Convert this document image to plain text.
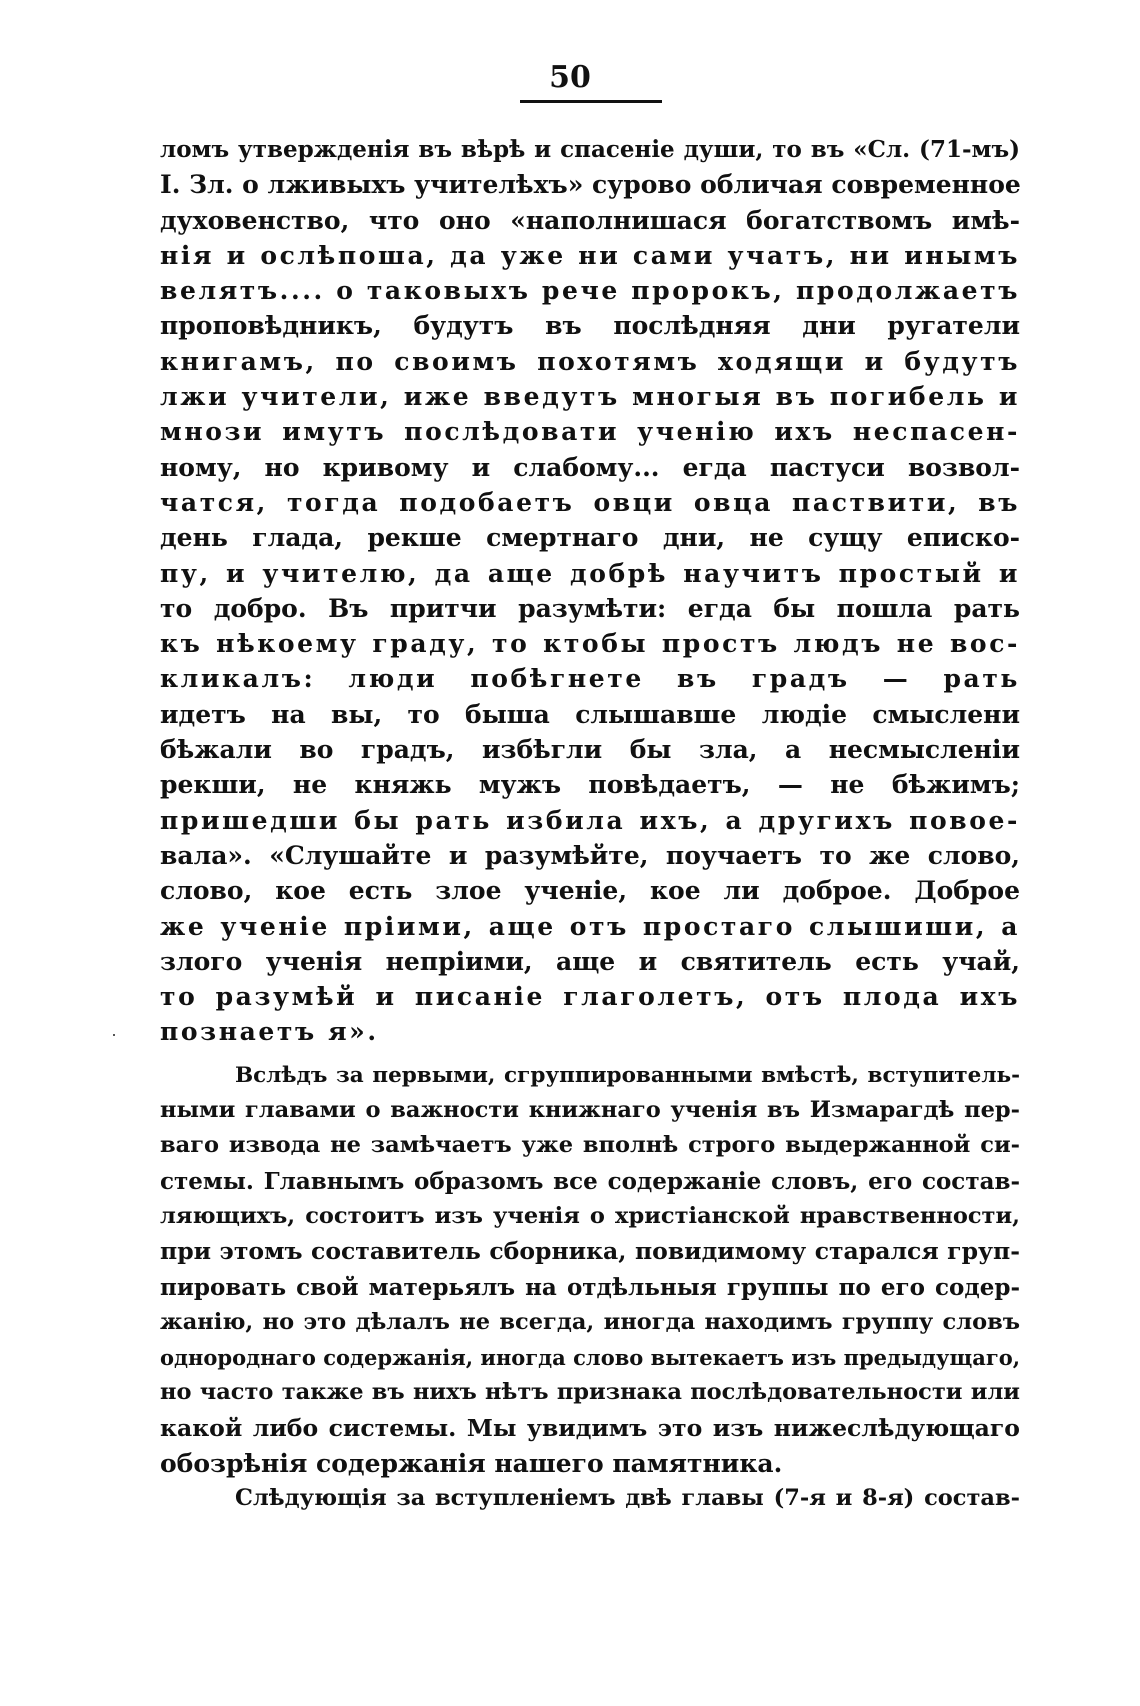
50
ломъ утвержденія въ вѣрѣ и спасеніе души, то въ «Сл. (71-мъ)
І. Зл. о лживыхъ учителѣхъ» сурово обличая современное
духовенство, что оно «наполнишася богатствомъ имѣ-
нія и ослѣпоша, да уже ни сами учатъ, ни инымъ
велятъ.... о таковыхъ рече пророкъ, продолжаетъ
проповѣдникъ, будутъ въ послѣдняя дни ругатели
книгамъ, по своимъ похотямъ ходящи и будутъ
лжи учители, иже введутъ многыя въ погибель и
мнози имутъ послѣдовати ученію ихъ неспасен-
ному, но кривому и слабому... егда пастуси возвол-
чатся, тогда подобаетъ овци овца паствити, въ
день глада, рекше смертнаго дни, не сущу епиcко-
пу, и учителю, да аще добрѣ научитъ простый и
то добро. Въ притчи разумѣти: егда бы пошла рать
къ нѣкоему граду, то ктобы простъ людъ не вос-
кликалъ: люди побѣгнете въ градъ — рать
идетъ на вы, то быша слышавше людіе смыслени
бѣжали во градъ, избѣгли бы зла, а несмысленіи
рекши, не княжь мужъ повѣдаетъ, — не бѣжимъ;
пришедши бы рать избила ихъ, а другихъ повое-
вала». «Слушайте и разумѣйте, поучаетъ то же слово,
слово, кое есть злое ученіе, кое ли доброе. Доброе
же ученіе пріими, аще отъ простаго слышиши, а
злого ученія непріими, аще и святитель есть учай,
то разумѣй и писаніе глаголетъ, отъ плода ихъ
познаетъ я».
Вслѣдъ за первыми, сгруппированными вмѣстѣ, вступитель-
ными главами о важности книжнаго ученія въ Измарагдѣ пер-
ваго извода не замѣчаетъ уже вполнѣ строго выдержанной си-
стемы. Главнымъ образомъ все содержаніе словъ, его состав-
ляющихъ, состоитъ изъ ученія о христіанской нравственности,
при этомъ составитель сборника, повидимому старался груп-
пировать свой матерьялъ на отдѣльныя группы по его содер-
жанію, но это дѣлалъ не всегда, иногда находимъ группу словъ
однороднаго содержанія, иногда слово вытекаетъ изъ предыдущаго,
но часто также въ нихъ нѣтъ признака послѣдовательности или
какой либо системы. Мы увидимъ это изъ нижеслѣдующаго
обозрѣнія содержанія нашего памятника.
Слѣдующія за вступленіемъ двѣ главы (7-я и 8-я) состав-
